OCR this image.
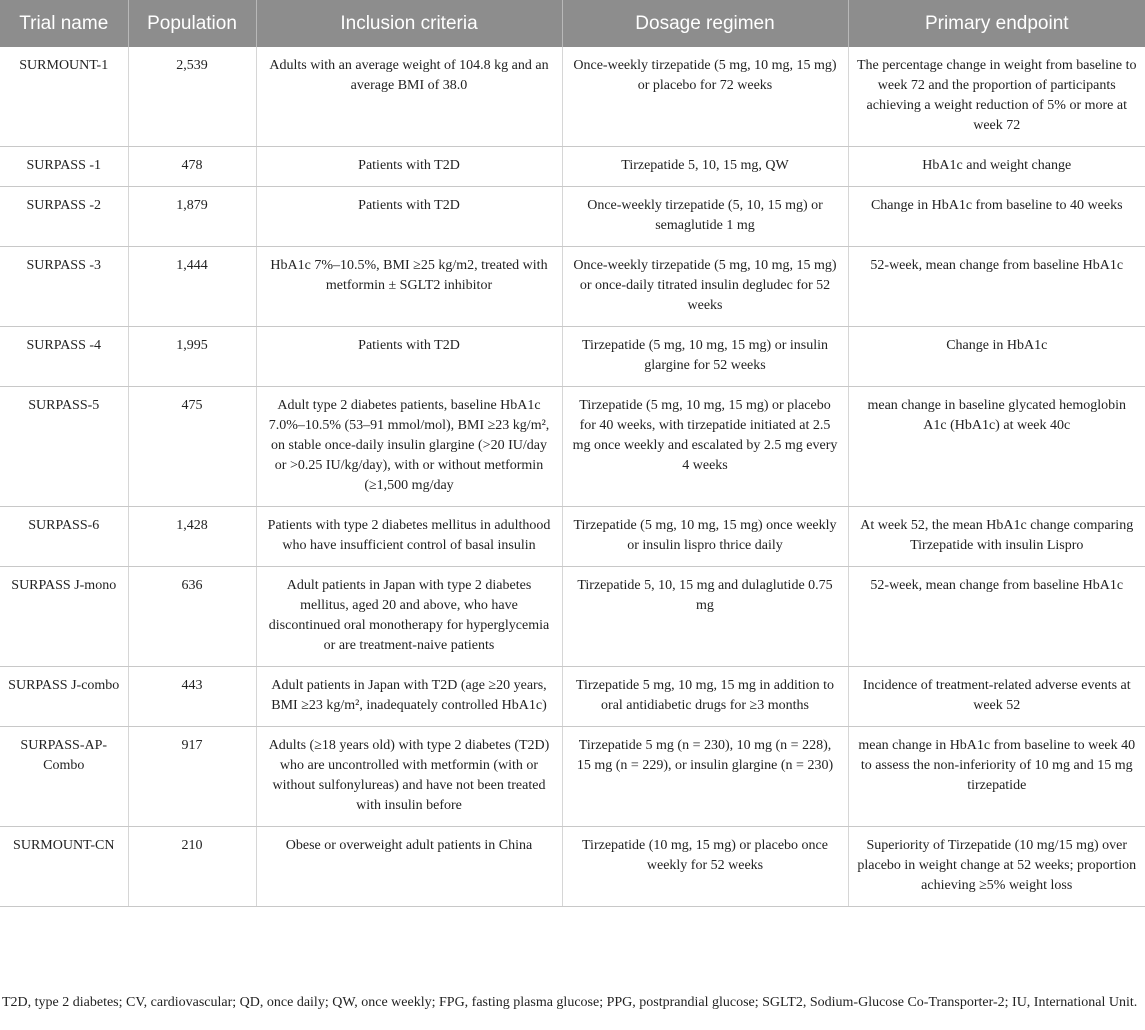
Trial name	Population	Inclusion criteria	Dosage regimen	Primary endpoint
SURMOUNT-1	2,539	Adults with an average weight of 104.8 kg and an average BMI of 38.0	Once-weekly tirzepatide (5 mg, 10 mg, 15 mg) or placebo for 72 weeks	The percentage change in weight from baseline to week 72 and the proportion of participants achieving a weight reduction of 5% or more at week 72
SURPASS -1	478	Patients with T2D	Tirzepatide 5, 10, 15 mg, QW	HbA1c and weight change
SURPASS -2	1,879	Patients with T2D	Once-weekly tirzepatide (5, 10, 15 mg) or semaglutide 1 mg	Change in HbA1c from baseline to 40 weeks
SURPASS -3	1,444	HbA1c 7%–10.5%, BMI ≥25 kg/m2, treated with metformin ± SGLT2 inhibitor	Once-weekly tirzepatide (5 mg, 10 mg, 15 mg) or once-daily titrated insulin degludec for 52 weeks	52-week, mean change from baseline HbA1c
SURPASS -4	1,995	Patients with T2D	Tirzepatide (5 mg, 10 mg, 15 mg) or insulin glargine for 52 weeks	Change in HbA1c
SURPASS-5	475	Adult type 2 diabetes patients, baseline HbA1c 7.0%–10.5% (53–91 mmol/mol), BMI ≥23 kg/m², on stable once-daily insulin glargine (>20 IU/day or >0.25 IU/kg/day), with or without metformin (≥1,500 mg/day	Tirzepatide (5 mg, 10 mg, 15 mg) or placebo for 40 weeks, with tirzepatide initiated at 2.5 mg once weekly and escalated by 2.5 mg every 4 weeks	mean change in baseline glycated hemoglobin A1c (HbA1c) at week 40c
SURPASS-6	1,428	Patients with type 2 diabetes mellitus in adulthood who have insufficient control of basal insulin	Tirzepatide (5 mg, 10 mg, 15 mg) once weekly or insulin lispro thrice daily	At week 52, the mean HbA1c change comparing Tirzepatide with insulin Lispro
SURPASS J-mono	636	Adult patients in Japan with type 2 diabetes mellitus, aged 20 and above, who have discontinued oral monotherapy for hyperglycemia or are treatment-naive patients	Tirzepatide 5, 10, 15 mg and dulaglutide 0.75 mg	52-week, mean change from baseline HbA1c
SURPASS J-combo	443	Adult patients in Japan with T2D (age ≥20 years, BMI ≥23 kg/m², inadequately controlled HbA1c)	Tirzepatide 5 mg, 10 mg, 15 mg in addition to oral antidiabetic drugs for ≥3 months	Incidence of treatment-related adverse events at week 52
SURPASS-AP-Combo	917	Adults (≥18 years old) with type 2 diabetes (T2D) who are uncontrolled with metformin (with or without sulfonylureas) and have not been treated with insulin before	Tirzepatide 5 mg (n = 230), 10 mg (n = 228), 15 mg (n = 229), or insulin glargine (n = 230)	mean change in HbA1c from baseline to week 40 to assess the non-inferiority of 10 mg and 15 mg tirzepatide
SURMOUNT-CN	210	Obese or overweight adult patients in China	Tirzepatide (10 mg, 15 mg) or placebo once weekly for 52 weeks	Superiority of Tirzepatide (10 mg/15 mg) over placebo in weight change at 52 weeks; proportion achieving ≥5% weight loss

T2D, type 2 diabetes; CV, cardiovascular; QD, once daily; QW, once weekly; FPG, fasting plasma glucose; PPG, postprandial glucose; SGLT2, Sodium-Glucose Co-Transporter-2; IU, International Unit.
